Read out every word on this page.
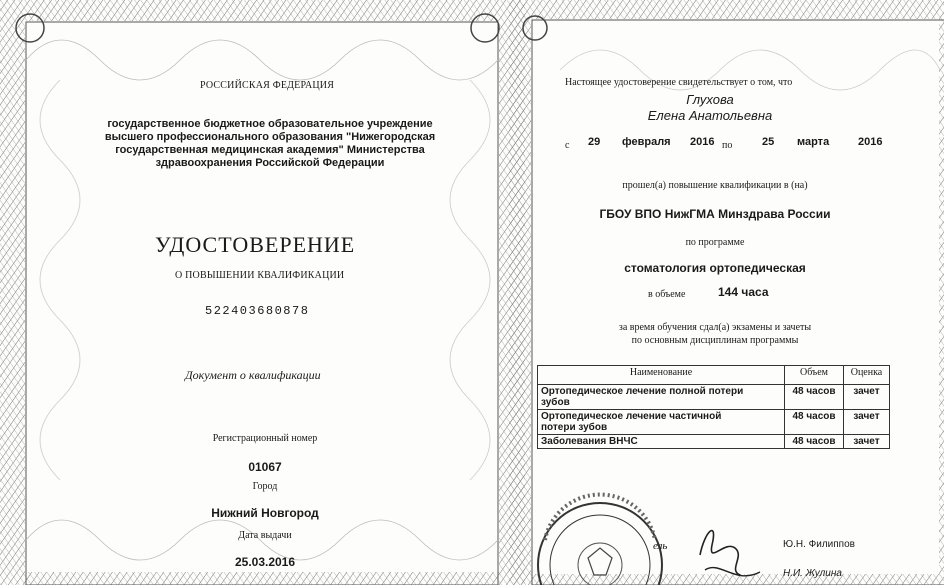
РОССИЙСКАЯ ФЕДЕРАЦИЯ
государственное бюджетное образовательное учреждение
высшего профессионального образования "Нижегородская
государственная медицинская академия" Министерства
здравоохранения Российской Федерации
УДОСТОВЕРЕНИЕ
О ПОВЫШЕНИИ КВАЛИФИКАЦИИ
522403680878
Документ о квалификации
Регистрационный номер
01067
Город
Нижний Новгород
Дата выдачи
25.03.2016
Настоящее удостоверение свидетельствует о том, что
Глухова
Елена Анатольевна
с 29 февраля 2016 по	25 марта	2016
прошел(а) повышение квалификации в (на)
ГБОУ ВПО НижГМА Минздрава России
по программе
стоматология ортопедическая
в объеме	144 часа
за время обучения сдал(а) экзамены и зачеты
по основным дисциплинам программы
Наименование	Объем	Оценка

Ортопедическое лечение полной потери
зубов	48 часов	зачет

Ортопедическое лечение частичной
потери зубов	48 часов	зачет

Заболевания ВНЧС	48 часов	зачет
ель	Ю.Н. Филиппов
Н.И. Жулина
